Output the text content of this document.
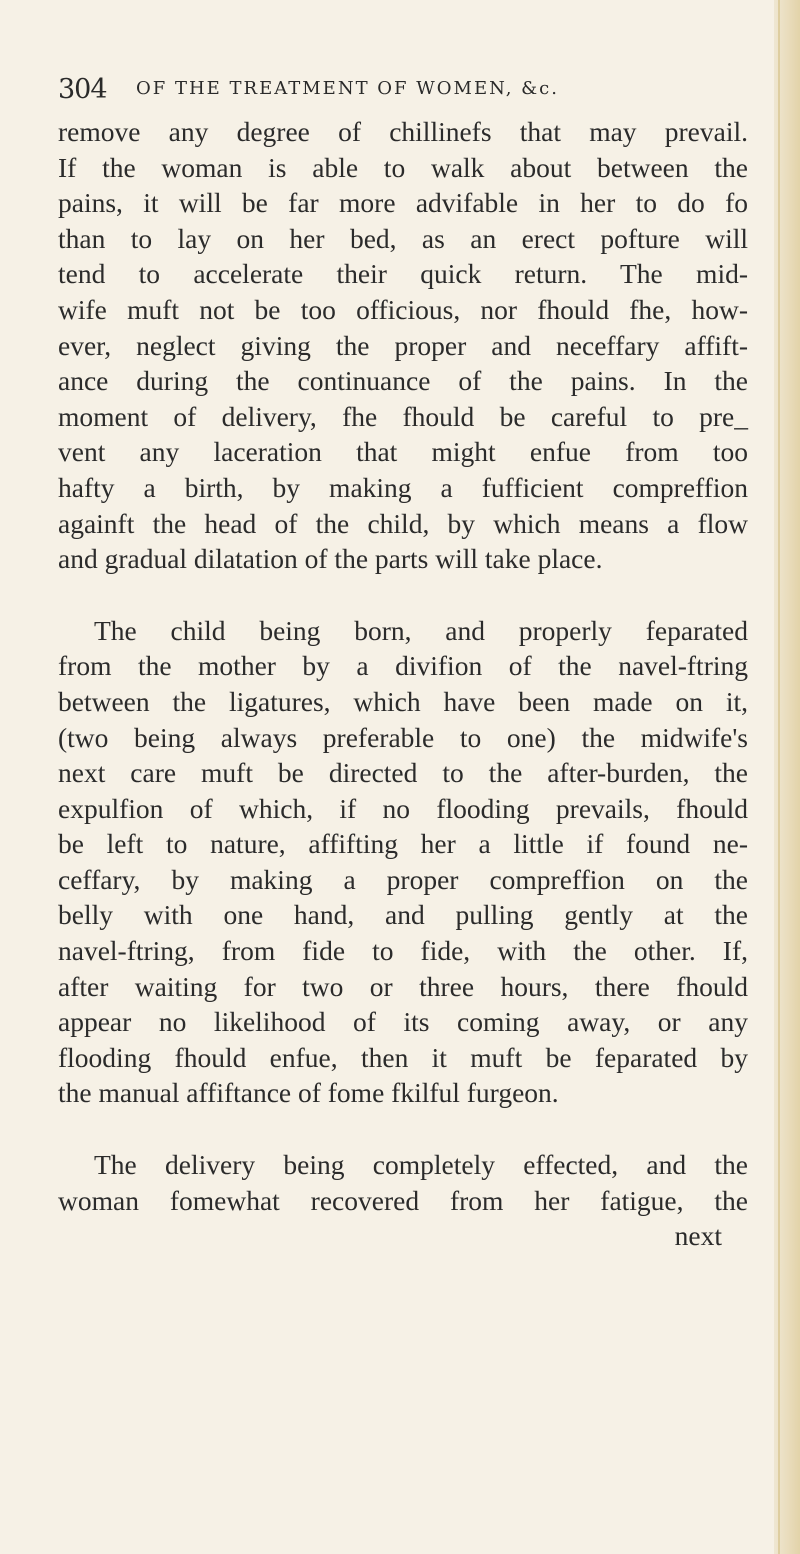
304 OF THE TREATMENT OF WOMEN, &c.
remove any degree of chillinefs that may prevail.
If the woman is able to walk about between the
pains, it will be far more advifable in her to do fo
than to lay on her bed, as an erect pofture will
tend to accelerate their quick return. The mid-
wife muft not be too officious, nor fhould fhe, how-
ever, neglect giving the proper and neceffary affift-
ance during the continuance of the pains. In the
moment of delivery, fhe fhould be careful to pre_
vent any laceration that might enfue from too
hafty a birth, by making a fufficient compreffion
againft the head of the child, by which means a flow
and gradual dilatation of the parts will take place.
The child being born, and properly feparated
from the mother by a divifion of the navel-ftring
between the ligatures, which have been made on it,
(two being always preferable to one) the midwife's
next care muft be directed to the after-burden, the
expulfion of which, if no flooding prevails, fhould
be left to nature, affifting her a little if found ne-
ceffary, by making a proper compreffion on the
belly with one hand, and pulling gently at the
navel-ftring, from fide to fide, with the other. If,
after waiting for two or three hours, there fhould
appear no likelihood of its coming away, or any
flooding fhould enfue, then it muft be feparated by
the manual affiftance of fome fkilful furgeon.
The delivery being completely effected, and the
woman fomewhat recovered from her fatigue, the
next
